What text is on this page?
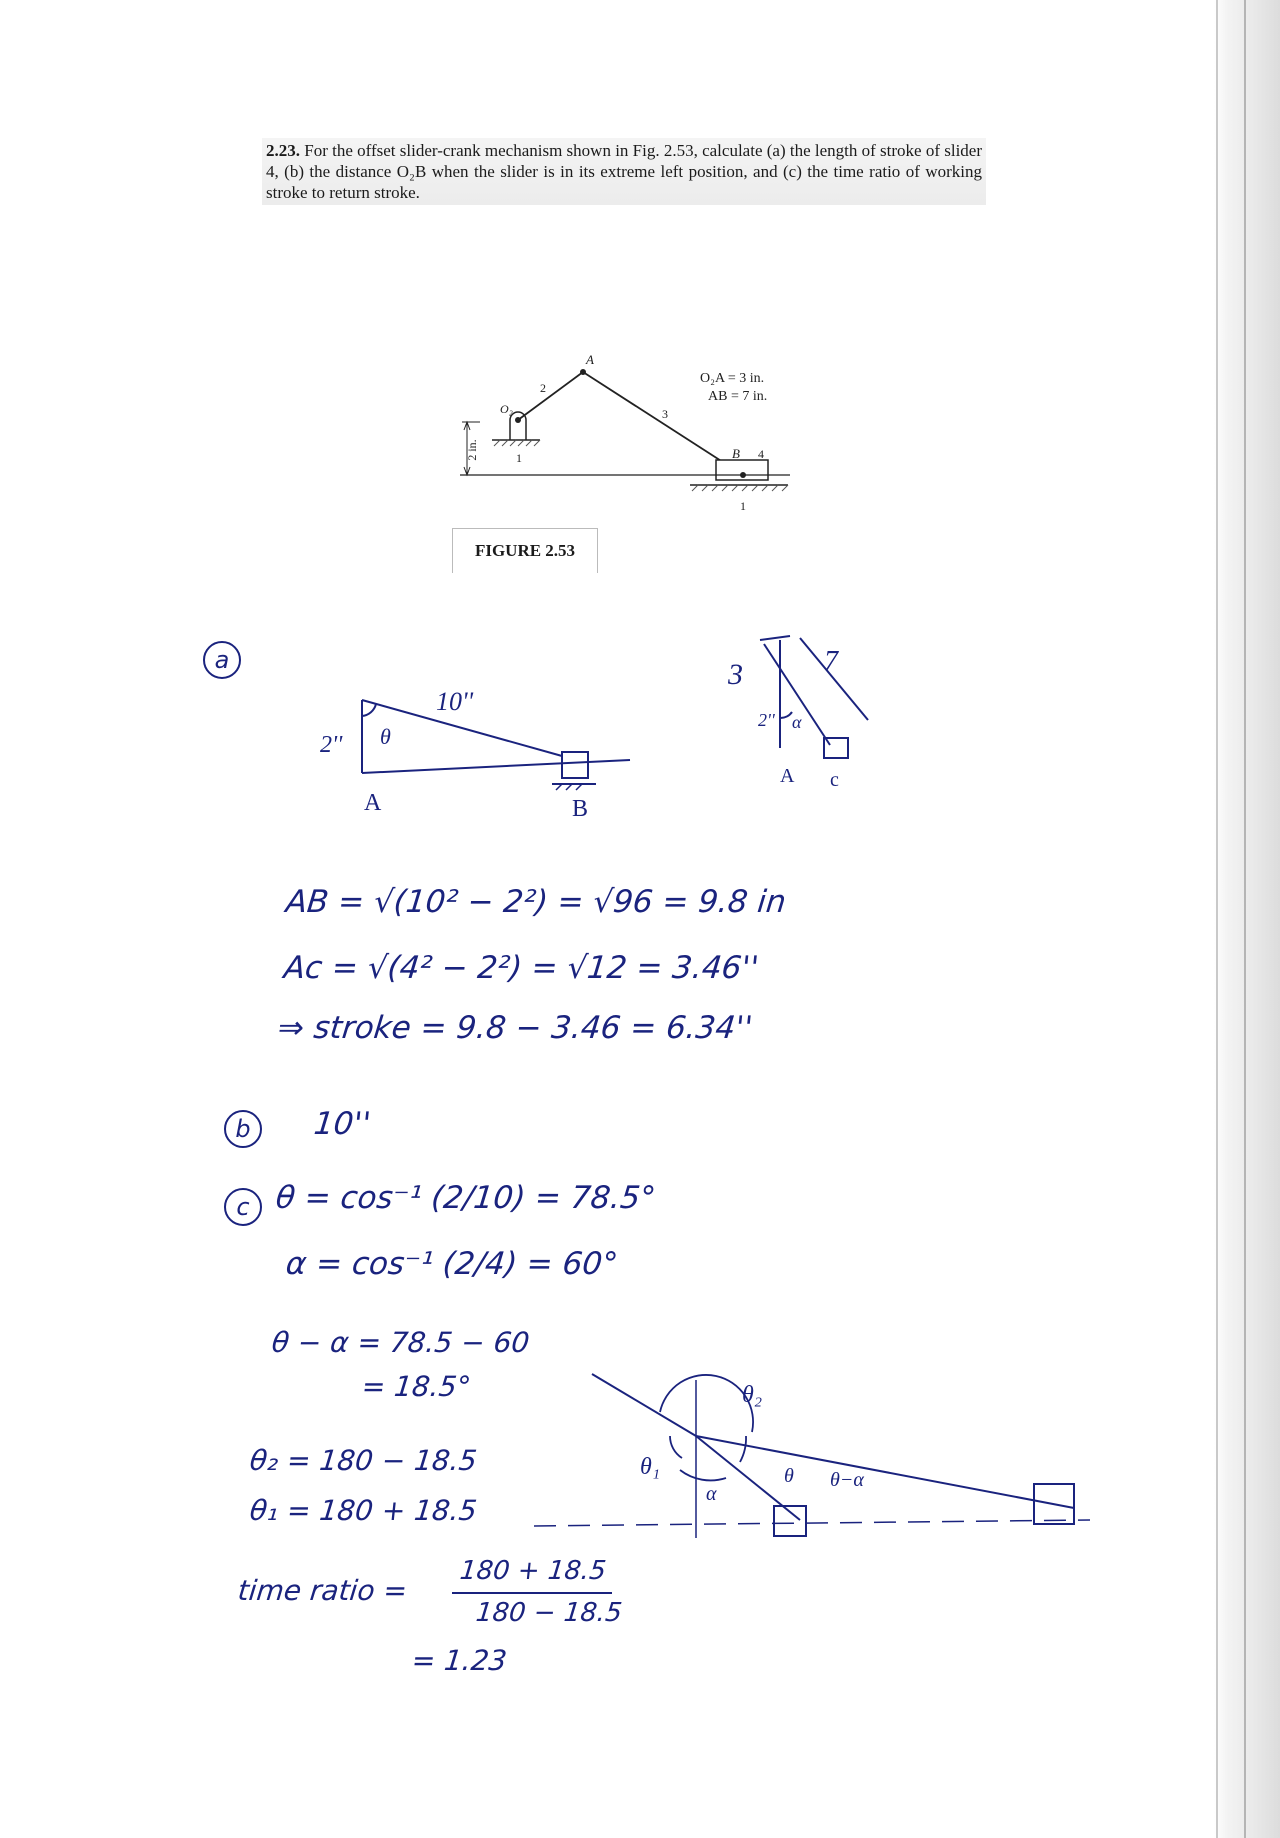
2.23. For the offset slider-crank mechanism shown in Fig. 2.53, calculate (a) the length of stroke of slider 4, (b) the distance O₂B when the slider is in its extreme left position, and (c) the time ratio of working stroke to return stroke.
2 in.
A
O₂
2
3
B 4
1
1
O₂A = 3 in.
AB = 7 in.
FIGURE 2.53
a
10''
2'' θ
A	B
3	7
2'' α
A c
AB = √(10² − 2²) = √96 = 9.8 in
Ac = √(4² − 2²) = √12 = 3.46''
⇒ stroke = 9.8 − 3.46 = 6.34''
b	10''
c θ = cos⁻¹ (2/10) = 78.5°
α = cos⁻¹ (2/4) = 60°
θ − α = 78.5 − 60
= 18.5°
θ₂ = 180 − 18.5
θ₁ = 180 + 18.5
time ratio =
180 + 18.5
180 − 18.5
= 1.23
θ₁
θ₂
θ
α
θ−α
